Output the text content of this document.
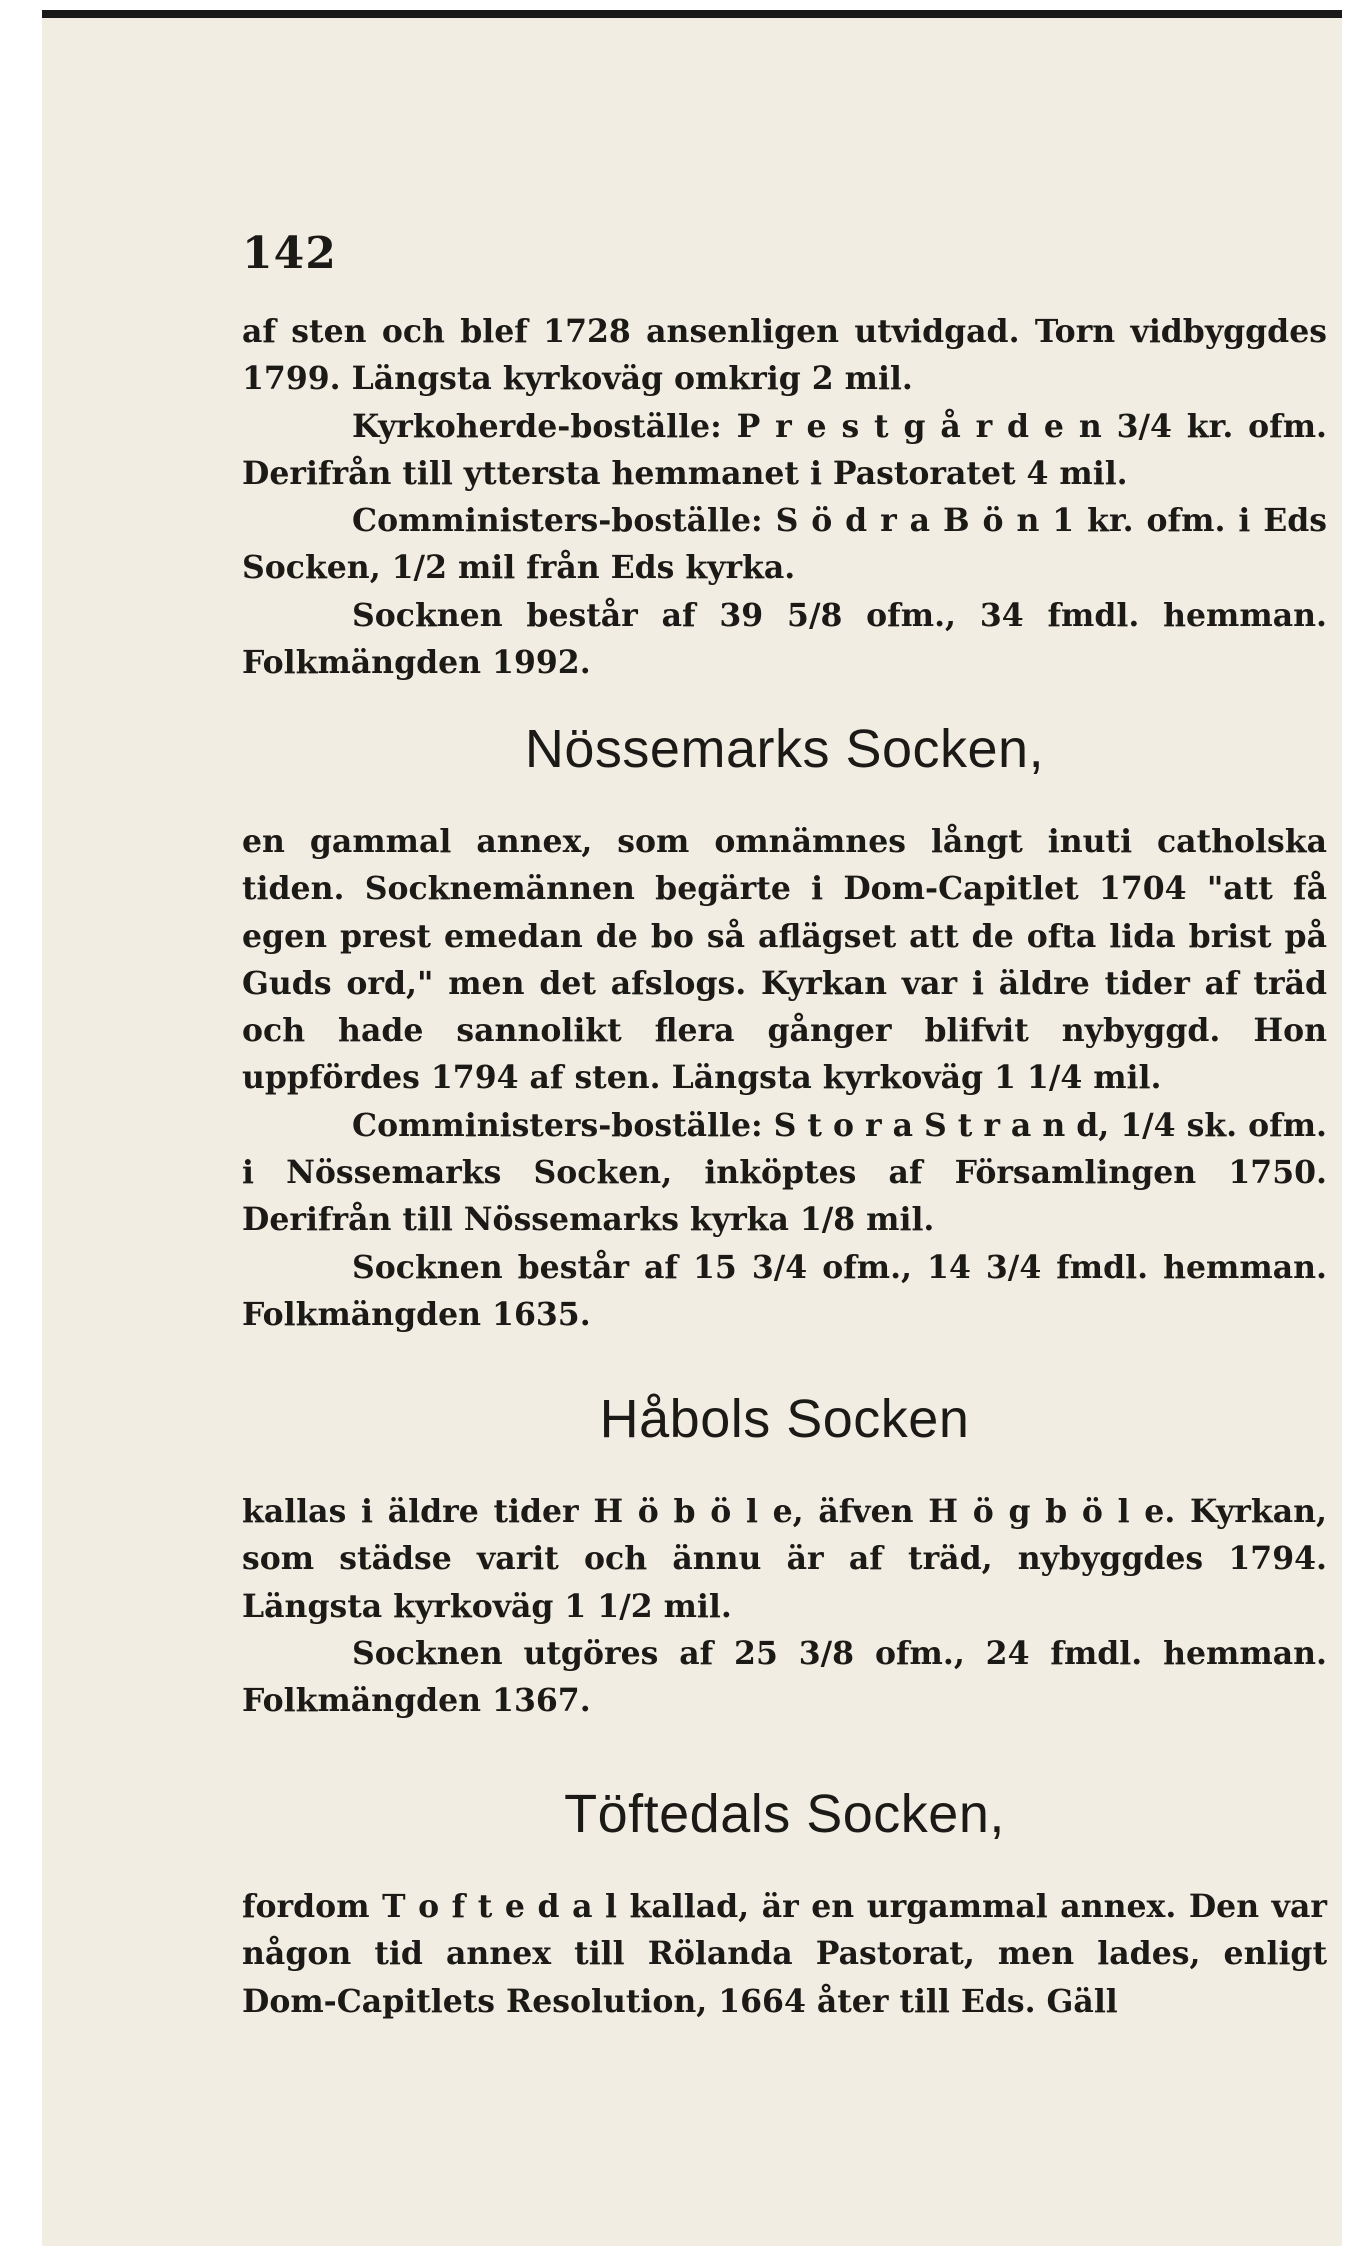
142

af sten och blef 1728 ansenligen utvidgad. Torn vidbyggdes 1799. Längsta kyrkoväg omkrig 2 mil.

Kyrkoherde-boställe: P r e s t g å r d e n 3/4 kr. ofm. Derifrån till yttersta hemmanet i Pastoratet 4 mil.

Comministers-boställe: S ö d r a B ö n 1 kr. ofm. i Eds Socken, 1/2 mil från Eds kyrka.

Socknen består af 39 5/8 ofm., 34 fmdl. hemman. Folkmängden 1992.

Nössemarks Socken,

en gammal annex, som omnämnes långt inuti catholska tiden. Socknemännen begärte i Dom-Capitlet 1704 "att få egen prest emedan de bo så aflägset att de ofta lida brist på Guds ord," men det afslogs. Kyrkan var i äldre tider af träd och hade sannolikt flera gånger blifvit nybyggd. Hon uppfördes 1794 af sten. Längsta kyrkoväg 1 1/4 mil.

Comministers-boställe: S t o r a S t r a n d, 1/4 sk. ofm. i Nössemarks Socken, inköptes af Församlingen 1750. Derifrån till Nössemarks kyrka 1/8 mil.

Socknen består af 15 3/4 ofm., 14 3/4 fmdl. hemman. Folkmängden 1635.

Håbols Socken

kallas i äldre tider H ö b ö l e, äfven H ö g b ö l e. Kyrkan, som städse varit och ännu är af träd, nybyggdes 1794. Längsta kyrkoväg 1 1/2 mil.

Socknen utgöres af 25 3/8 ofm., 24 fmdl. hemman. Folkmängden 1367.

Töftedals Socken,

fordom T o f t e d a l kallad, är en urgammal annex. Den var någon tid annex till Rölanda Pastorat, men lades, enligt Dom-Capitlets Resolution, 1664 åter till Eds. Gäll
